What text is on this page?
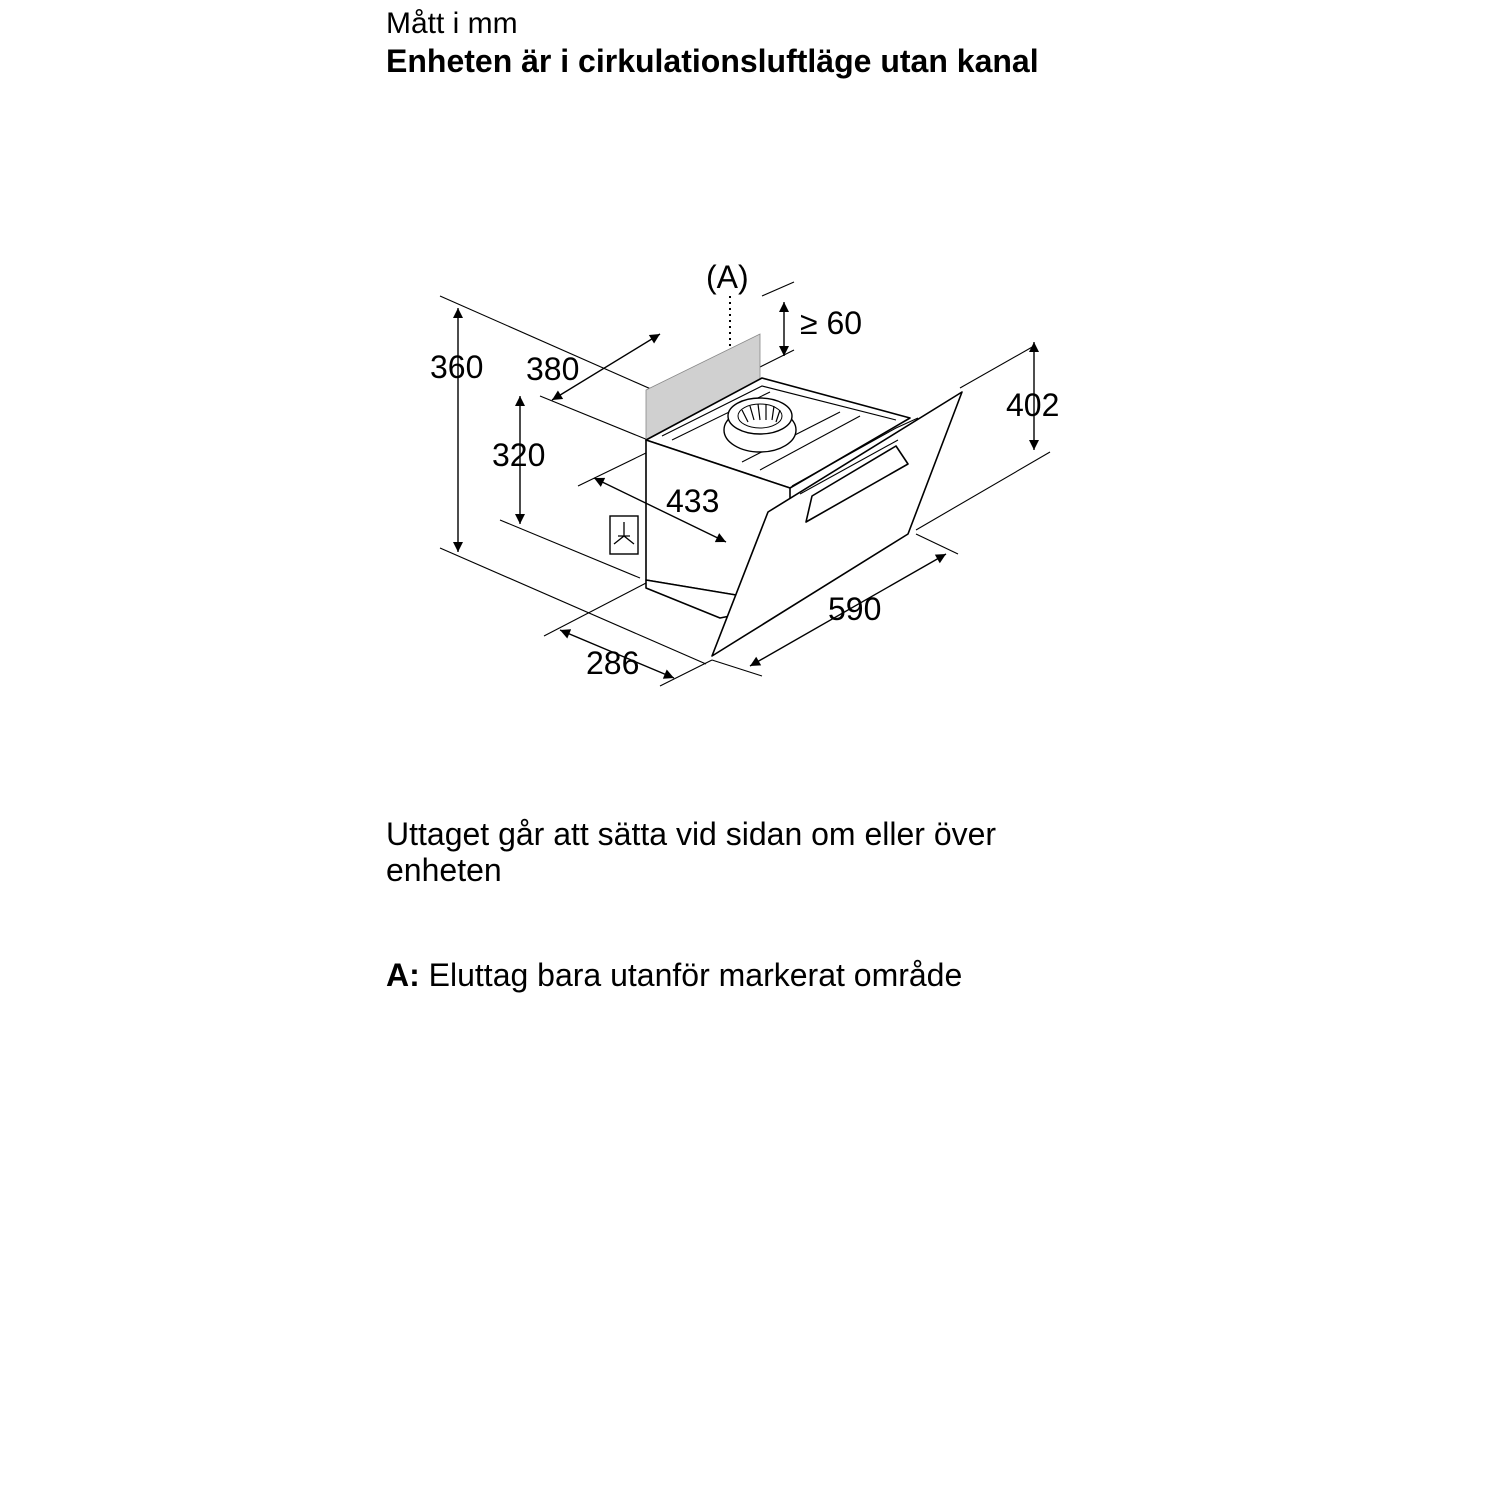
Mått i mm
Enheten är i cirkulationsluftläge utan kanal
(A)
360 380
≥ 60
402
320
433
590
286
Uttaget går att sätta vid sidan om eller över enheten
A: Eluttag bara utanför markerat område
